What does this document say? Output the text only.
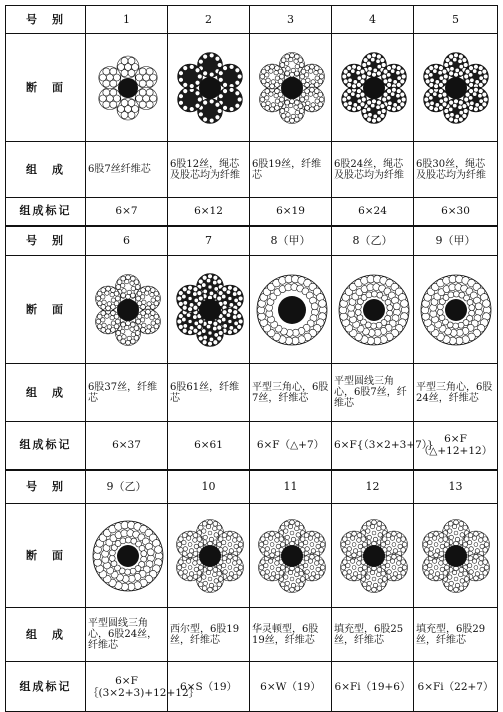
号　别	1	2	3	4	5
断　面	

组　成	6股7丝纤维芯	6股12丝，绳芯及股芯均为纤维	6股19丝，纤维芯	6股24丝，绳芯及股芯均为纤维	6股30丝，绳芯及股芯均为纤维
组成标记	6×7	6×12	6×19	6×24	6×30
号　别	6	7	8（甲）	8（乙）	9（甲）
断　面	

组　成	6股37丝，纤维芯	6股61丝，纤维芯	平型三角心，6股7丝，纤维芯	平型圆线三角心，6股7丝，纤维芯	平型三角心，6股24丝，纤维芯
组成标记	6×37	6×61	6×F（△+7）	6×F{（3×2+3+7）}	6×F（△+12+12）
号　别	9（乙）	10	11	12	13
断　面	

组　成	平型圆线三角心，6股24丝，纤维芯	西尔型，6股19丝，纤维芯	华灵顿型，6股19丝，纤维芯	填充型，6股25丝，纤维芯	填充型，6股29丝，纤维芯
组成标记	6×F｛(3×2+3)+12+12｝	6×S（19）	6×W（19）	6×Fi（19+6）	6×Fi（22+7）
